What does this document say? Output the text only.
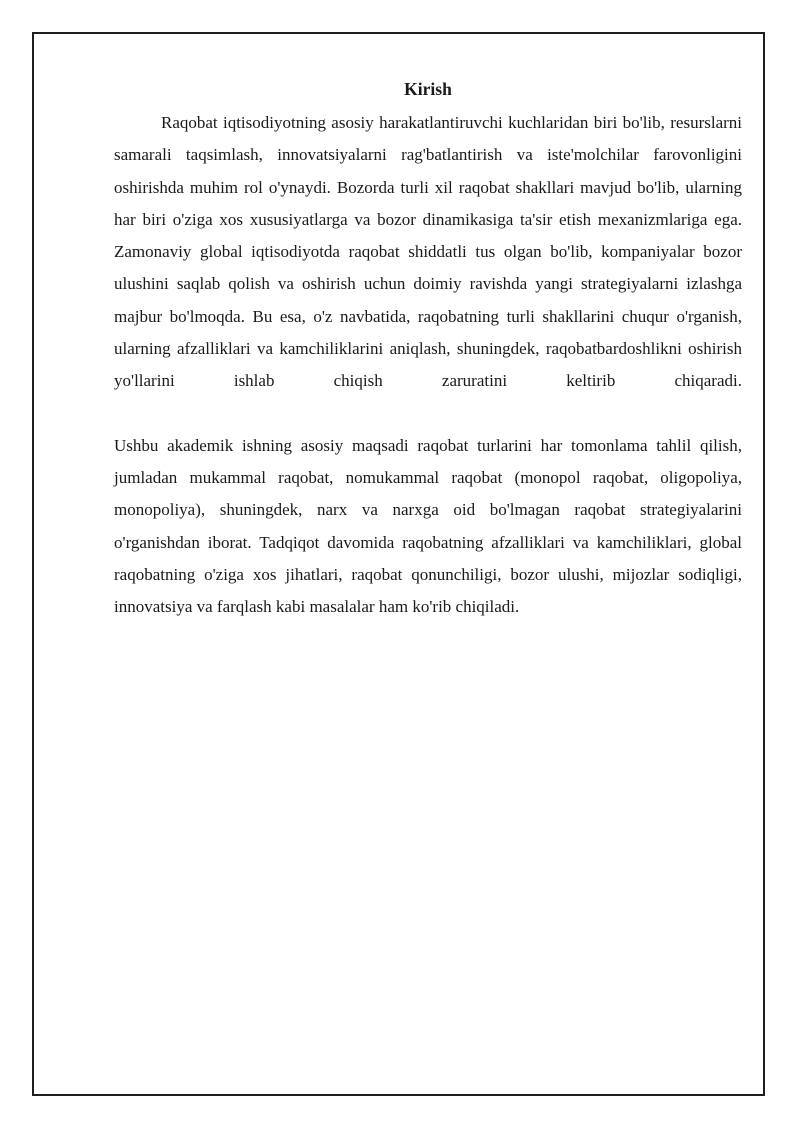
Kirish

Raqobat iqtisodiyotning asosiy harakatlantiruvchi kuchlaridan biri bo'lib, resurslarni samarali taqsimlash, innovatsiyalarni rag'batlantirish va iste'molchilar farovonligini oshirishda muhim rol o'ynaydi. Bozorda turli xil raqobat shakllari mavjud bo'lib, ularning har biri o'ziga xos xususiyatlarga va bozor dinamikasiga ta'sir etish mexanizmlariga ega. Zamonaviy global iqtisodiyotda raqobat shiddatli tus olgan bo'lib, kompaniyalar bozor ulushini saqlab qolish va oshirish uchun doimiy ravishda yangi strategiyalarni izlashga majbur bo'lmoqda. Bu esa, o'z navbatida, raqobatning turli shakllarini chuqur o'rganish, ularning afzalliklari va kamchiliklarini aniqlash, shuningdek, raqobatbardoshlikni oshirish yo'llarini ishlab chiqish zaruratini keltirib chiqaradi.

Ushbu akademik ishning asosiy maqsadi raqobat turlarini har tomonlama tahlil qilish, jumladan mukammal raqobat, nomukammal raqobat (monopol raqobat, oligopoliya, monopoliya), shuningdek, narx va narxga oid bo'lmagan raqobat strategiyalarini o'rganishdan iborat. Tadqiqot davomida raqobatning afzalliklari va kamchiliklari, global raqobatning o'ziga xos jihatlari, raqobat qonunchiligi, bozor ulushi, mijozlar sodiqligi, innovatsiya va farqlash kabi masalalar ham ko'rib chiqiladi.
